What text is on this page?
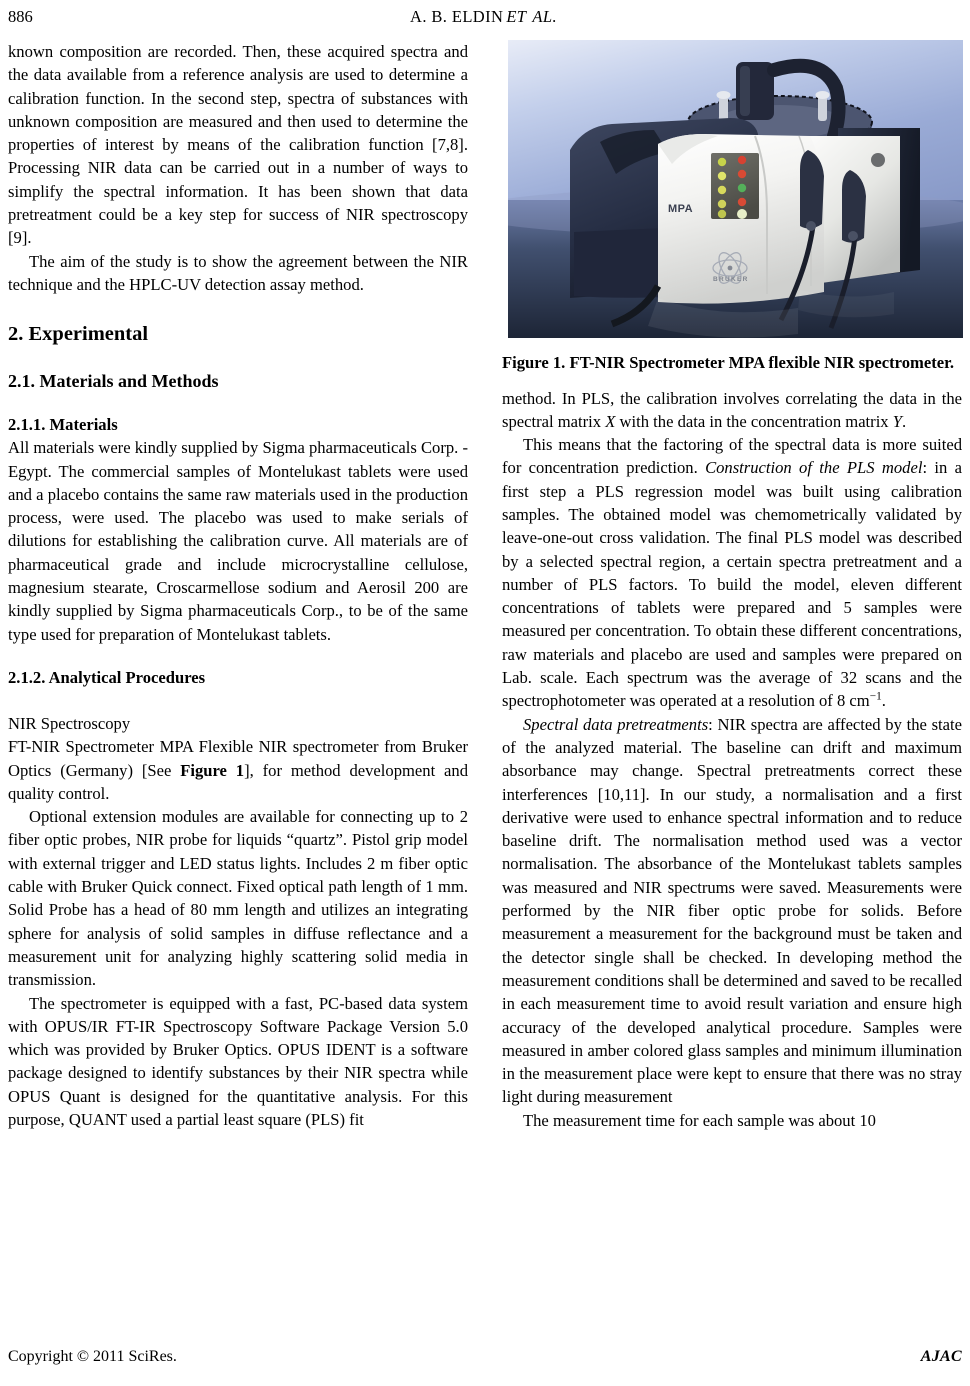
886	A. B. ELDIN ET AL.

known composition are recorded. Then, these acquired spectra and the data available from a reference analysis are used to determine a calibration function. In the second step, spectra of substances with unknown composition are measured and then used to determine the properties of interest by means of the calibration function [7,8]. Processing NIR data can be carried out in a number of ways to simplify the spectral information. It has been shown that data pretreatment could be a key step for success of NIR spectroscopy [9].

The aim of the study is to show the agreement between the NIR technique and the HPLC-UV detection assay method.

2. Experimental
2.1. Materials and Methods
2.1.1. Materials

All materials were kindly supplied by Sigma pharmaceuticals Corp. - Egypt. The commercial samples of Montelukast tablets were used and a placebo contains the same raw materials used in the production process, were used. The placebo was used to make serials of dilutions for establishing the calibration curve. All materials are of pharmaceutical grade and include microcrystalline cellulose, magnesium stearate, Croscarmellose sodium and Aerosil 200 are kindly supplied by Sigma pharmaceuticals Corp., to be of the same type used for preparation of Montelukast tablets.

2.1.2. Analytical Procedures

NIR Spectroscopy

FT-NIR Spectrometer MPA Flexible NIR spectrometer from Bruker Optics (Germany) [See Figure 1], for method development and quality control.

Optional extension modules are available for connecting up to 2 fiber optic probes, NIR probe for liquids “quartz”. Pistol grip model with external trigger and LED status lights. Includes 2 m fiber optic cable with Bruker Quick connect. Fixed optical path length of 1 mm. Solid Probe has a head of 80 mm length and utilizes an integrating sphere for analysis of solid samples in diffuse reflectance and a measurement unit for analyzing highly scattering solid media in transmission.

The spectrometer is equipped with a fast, PC-based data system with OPUS/IR FT-IR Spectroscopy Software Package Version 5.0 which was provided by Bruker Optics. OPUS IDENT is a software package designed to identify substances by their NIR spectra while OPUS Quant is designed for the quantitative analysis. For this purpose, QUANT used a partial least square (PLS) fit

MPA
BRUKER
Figure 1. FT-NIR Spectrometer MPA flexible NIR spectrometer.

method. In PLS, the calibration involves correlating the data in the spectral matrix X with the data in the concentration matrix Y.

This means that the factoring of the spectral data is more suited for concentration prediction. Construction of the PLS model: in a first step a PLS regression model was built using calibration samples. The obtained model was chemometrically validated by leave-one-out cross validation. The final PLS model was described by a selected spectral region, a certain spectra pretreatment and a number of PLS factors. To build the model, eleven different concentrations of tablets were prepared and 5 samples were measured per concentration. To obtain these different concentrations, raw materials and placebo are used and samples were prepared on Lab. scale. Each spectrum was the average of 32 scans and the spectrophotometer was operated at a resolution of 8 $cm^{-1}$.

Spectral data pretreatments: NIR spectra are affected by the state of the analyzed material. The baseline can drift and maximum absorbance may change. Spectral pretreatments correct these interferences [10,11]. In our study, a normalisation and a first derivative were used to enhance spectral information and to reduce baseline drift. The normalisation method used was a vector normalisation. The absorbance of the Montelukast tablets samples was measured and NIR spectrums were saved. Measurements were performed by the NIR fiber optic probe for solids. Before measurement a measurement for the background must be taken and the detector single shall be checked. In developing method the measurement conditions shall be determined and saved to be recalled in each measurement time to avoid result variation and ensure high accuracy of the developed analytical procedure. Samples were measured in amber colored glass samples and minimum illumination in the measurement place were kept to ensure that there was no stray light during measurement

The measurement time for each sample was about 10

Copyright © 2011 SciRes.	AJAC
